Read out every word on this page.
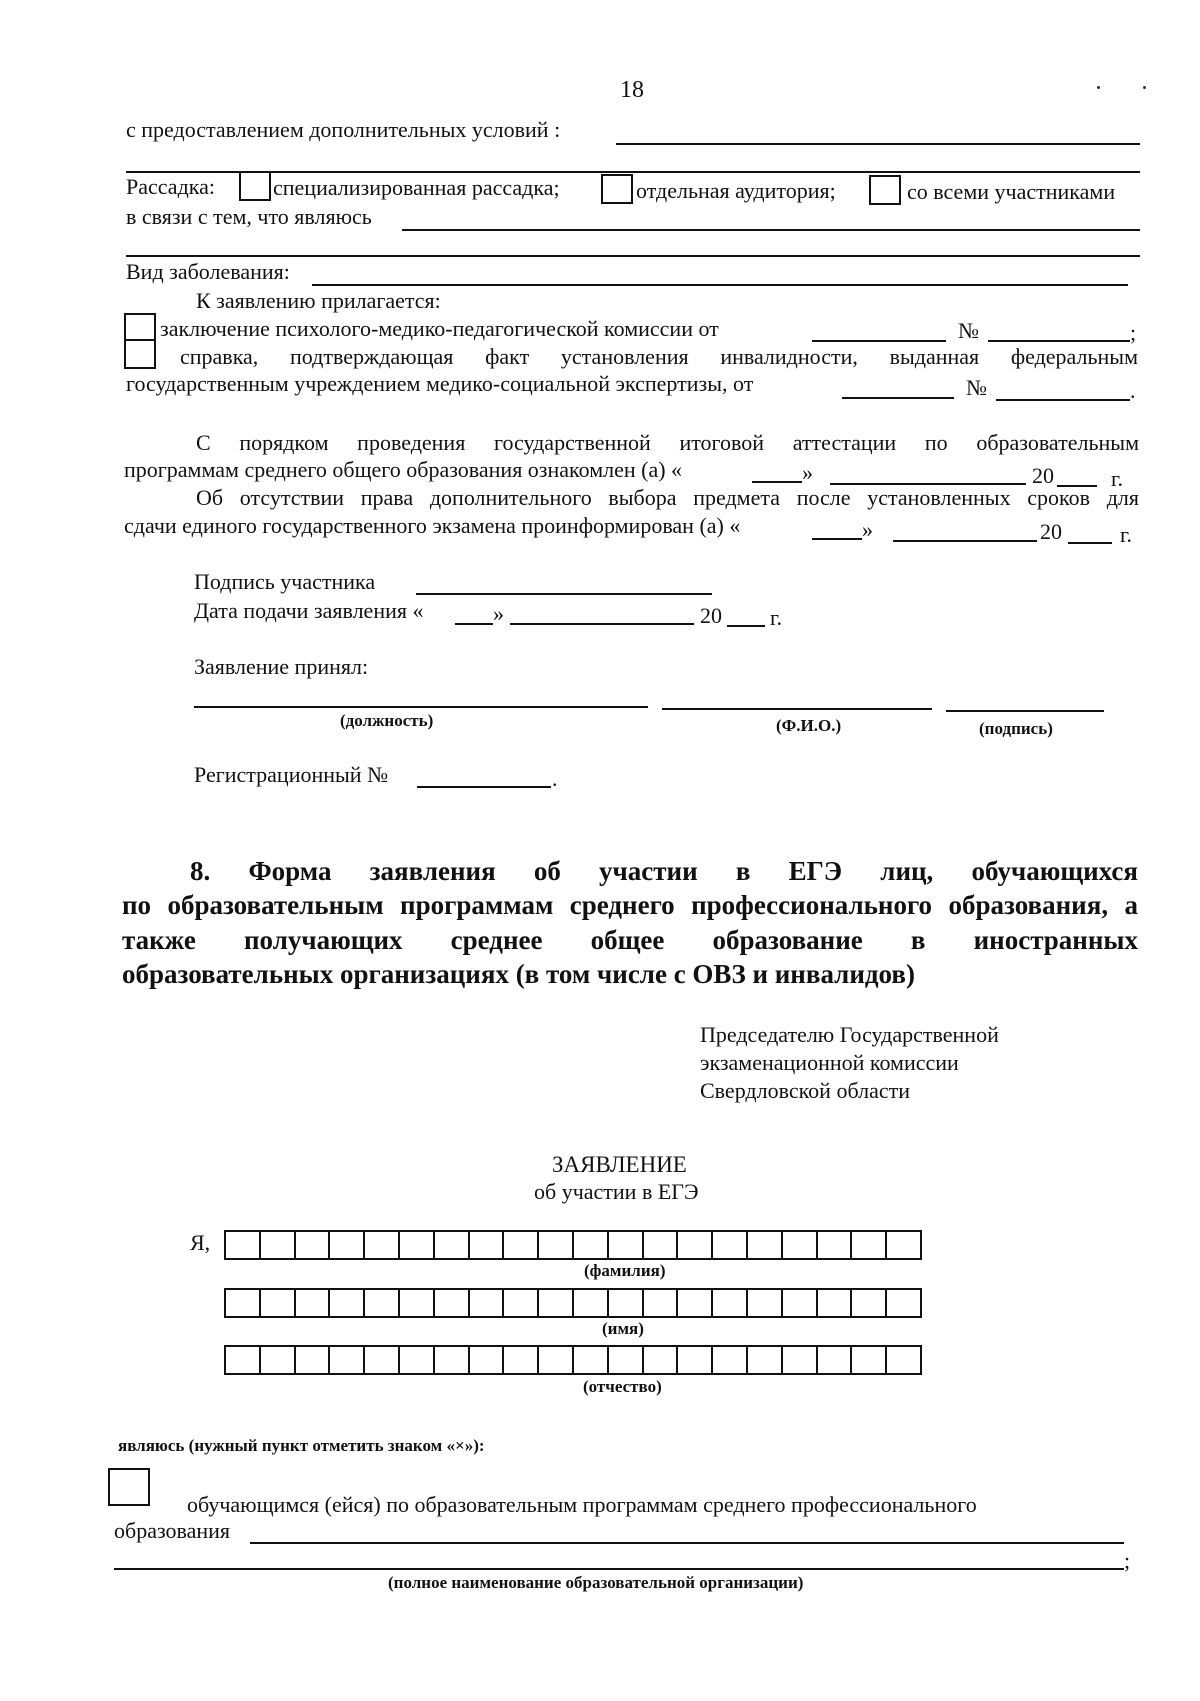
18
с предоставлением дополнительных условий :
Рассадка:	специализированная рассадка;	отдельная аудитория;	со всеми участниками
в связи с тем, что являюсь
Вид заболевания:
К заявлению прилагается:
заключение психолого-медико-педагогической комиссии от	№	;
справка, подтверждающая факт установления инвалидности, выданная федеральным
государственным учреждением медико-социальной экспертизы, от	№	.
С порядком проведения государственной итоговой аттестации по образовательным
программам среднего общего образования ознакомлен (а) «	»	20	г.
Об отсутствии права дополнительного выбора предмета после установленных сроков для
сдачи единого государственного экзамена проинформирован (а) «	»	20	г.
Подпись участника
Дата подачи заявления «	»	20 г.
Заявление принял:
(должность)	(Ф.И.О.)	(подпись)
Регистрационный №	.
8. Форма заявления об участии в ЕГЭ лиц, обучающихся
по образовательным программам среднего профессионального образования, а
также получающих среднее общее образование в иностранных
образовательных организациях (в том числе с ОВЗ и инвалидов)
Председателю Государственной
экзаменационной комиссии
Свердловской области
ЗАЯВЛЕНИЕ
об участии в ЕГЭ
Я,
(фамилия)
(имя)
(отчество)
являюсь (нужный пункт отметить знаком «×»):
обучающимся (ейся) по образовательным программам среднего профессионального
образования
;
(полное наименование образовательной организации)
